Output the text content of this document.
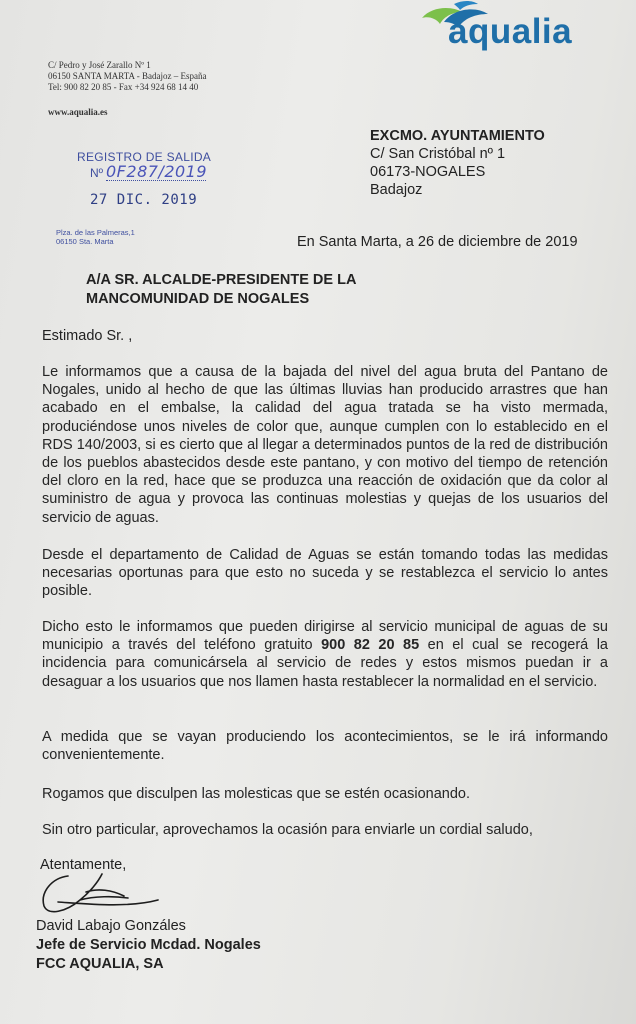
aqualia
C/ Pedro y José Zarallo Nº 1
06150 SANTA MARTA - Badajoz – España
Tel: 900 82 20 85 - Fax +34 924 68 14 40
www.aqualia.es
EXCMO. AYUNTAMIENTO
C/ San Cristóbal nº 1
06173-NOGALES
Badajoz
REGISTRO DE SALIDA
Nº 0F287/2019
27 DIC. 2019
Plza. de las Palmeras,1
06150 Sta. Marta	En Santa Marta, a 26 de diciembre de 2019
A/A SR. ALCALDE-PRESIDENTE DE LA
MANCOMUNIDAD DE NOGALES
Estimado Sr. ,

Le informamos que a causa de la bajada del nivel del agua bruta del Pantano de Nogales, unido al hecho de que las últimas lluvias han producido arrastres que han acabado en el embalse, la calidad del agua tratada se ha visto mermada, produciéndose unos niveles de color que, aunque cumplen con lo establecido en el RDS 140/2003, si es cierto que al llegar a determinados puntos de la red de distribución de los pueblos abastecidos desde este pantano, y con motivo del tiempo de retención del cloro en la red, hace que se produzca una reacción de oxidación que da color al suministro de agua y provoca las continuas molestias y quejas de los usuarios del servicio de aguas.

Desde el departamento de Calidad de Aguas se están tomando todas las medidas necesarias oportunas para que esto no suceda y se restablezca el servicio lo antes posible.

Dicho esto le informamos que pueden dirigirse al servicio municipal de aguas de su municipio a través del teléfono gratuito 900 82 20 85 en el cual se recogerá la incidencia para comunicársela al servicio de redes y estos mismos puedan ir a desaguar a los usuarios que nos llamen hasta restablecer la normalidad en el servicio.

A medida que se vayan produciendo los acontecimientos, se le irá informando convenientemente.

Rogamos que disculpen las molesticas que se estén ocasionando.

Sin otro particular, aprovechamos la ocasión para enviarle un cordial saludo,

Atentamente,
David Labajo Gonzáles
Jefe de Servicio Mcdad. Nogales
FCC AQUALIA, SA
